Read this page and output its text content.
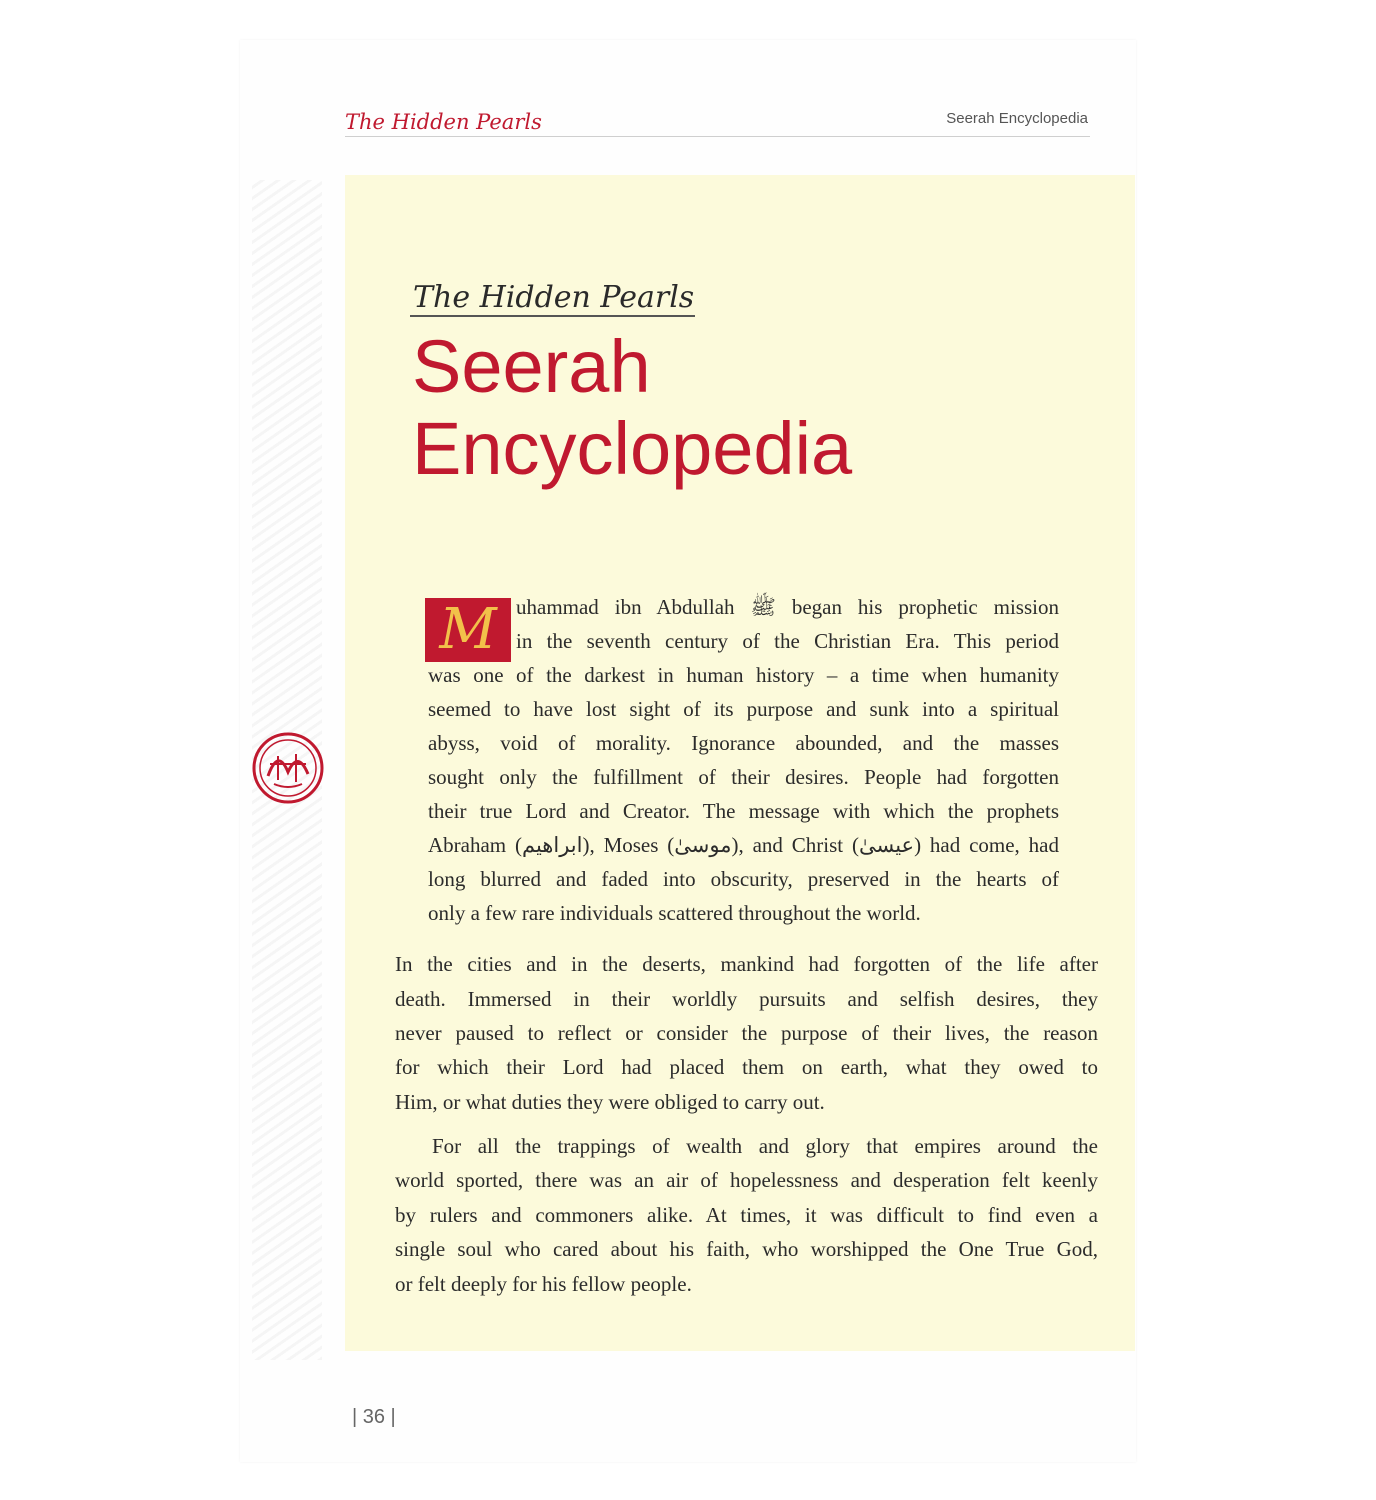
The Hidden Pearls	Seerah Encyclopedia
The Hidden Pearls
Seerah
Encyclopedia
M uhammad ibn Abdullah ﷺ began his prophetic mission
in the seventh century of the Christian Era. This period
was one of the darkest in human history – a time when humanity
seemed to have lost sight of its purpose and sunk into a spiritual
abyss, void of morality. Ignorance abounded, and the masses
sought only the fulfillment of their desires. People had forgotten
their true Lord and Creator. The message with which the prophets
Abraham (ابراهيم), Moses (موسىٰ), and Christ (عيسىٰ) had come, had
long blurred and faded into obscurity, preserved in the hearts of
only a few rare individuals scattered throughout the world.
In the cities and in the deserts, mankind had forgotten of the life after
death. Immersed in their worldly pursuits and selfish desires, they
never paused to reflect or consider the purpose of their lives, the reason
for which their Lord had placed them on earth, what they owed to
Him, or what duties they were obliged to carry out.
For all the trappings of wealth and glory that empires around the
world sported, there was an air of hopelessness and desperation felt keenly
by rulers and commoners alike. At times, it was difficult to find even a
single soul who cared about his faith, who worshipped the One True God,
or felt deeply for his fellow people.
| 36 |
